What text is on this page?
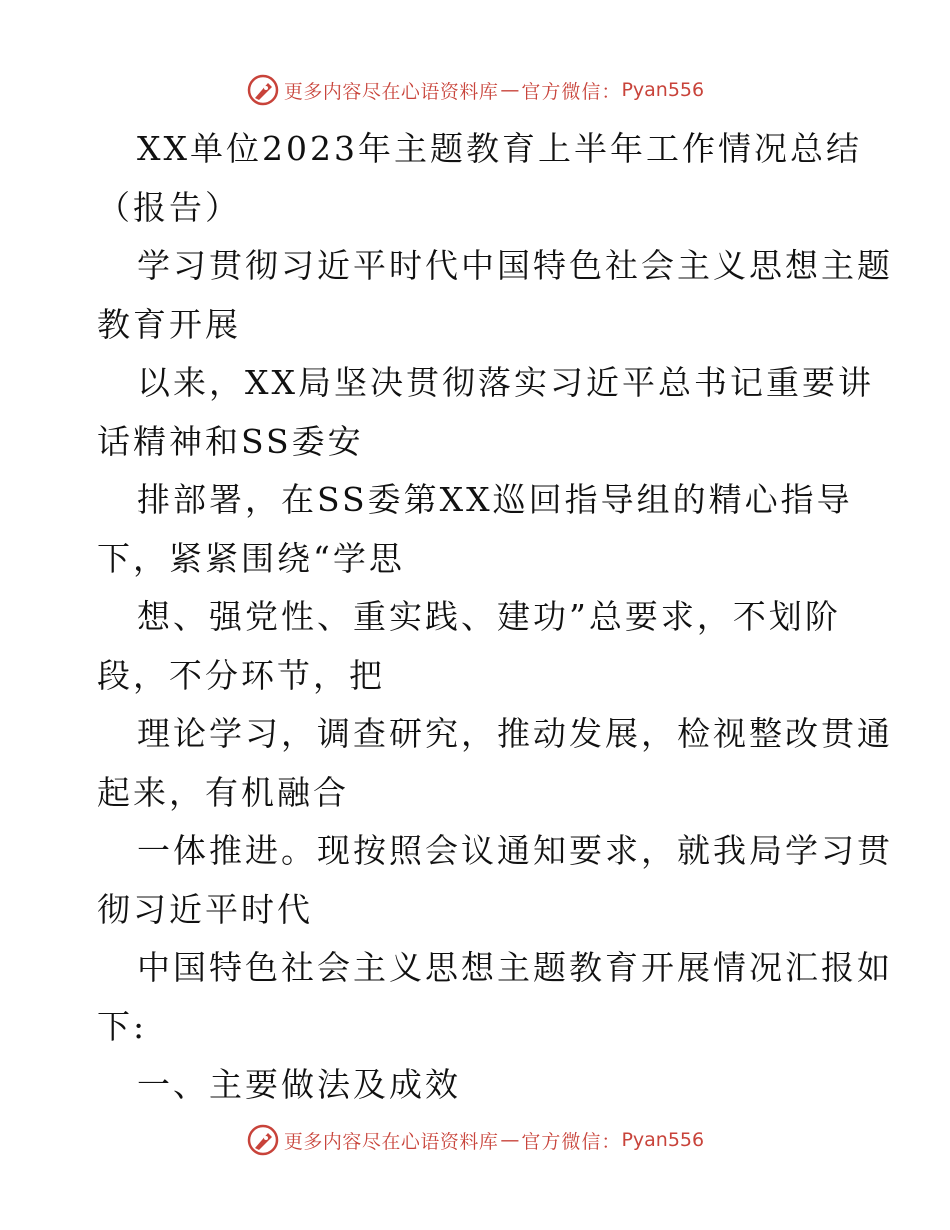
更多内容尽在心语资料库 — 官方微信： Pyan556
XX单位2023年主题教育上半年工作情况总结
（报告）
学习贯彻习近平时代中国特色社会主义思想主题
教育开展
以来，XX局坚决贯彻落实习近平总书记重要讲
话精神和SS委安
排部署，在SS委第XX巡回指导组的精心指导
下，紧紧围绕“学思
想、强党性、重实践、建功”总要求，不划阶
段，不分环节，把
理论学习，调查研究，推动发展，检视整改贯通
起来，有机融合
一体推进。现按照会议通知要求，就我局学习贯
彻习近平时代
中国特色社会主义思想主题教育开展情况汇报如
下:
一、主要做法及成效
更多内容尽在心语资料库 — 官方微信： Pyan556
